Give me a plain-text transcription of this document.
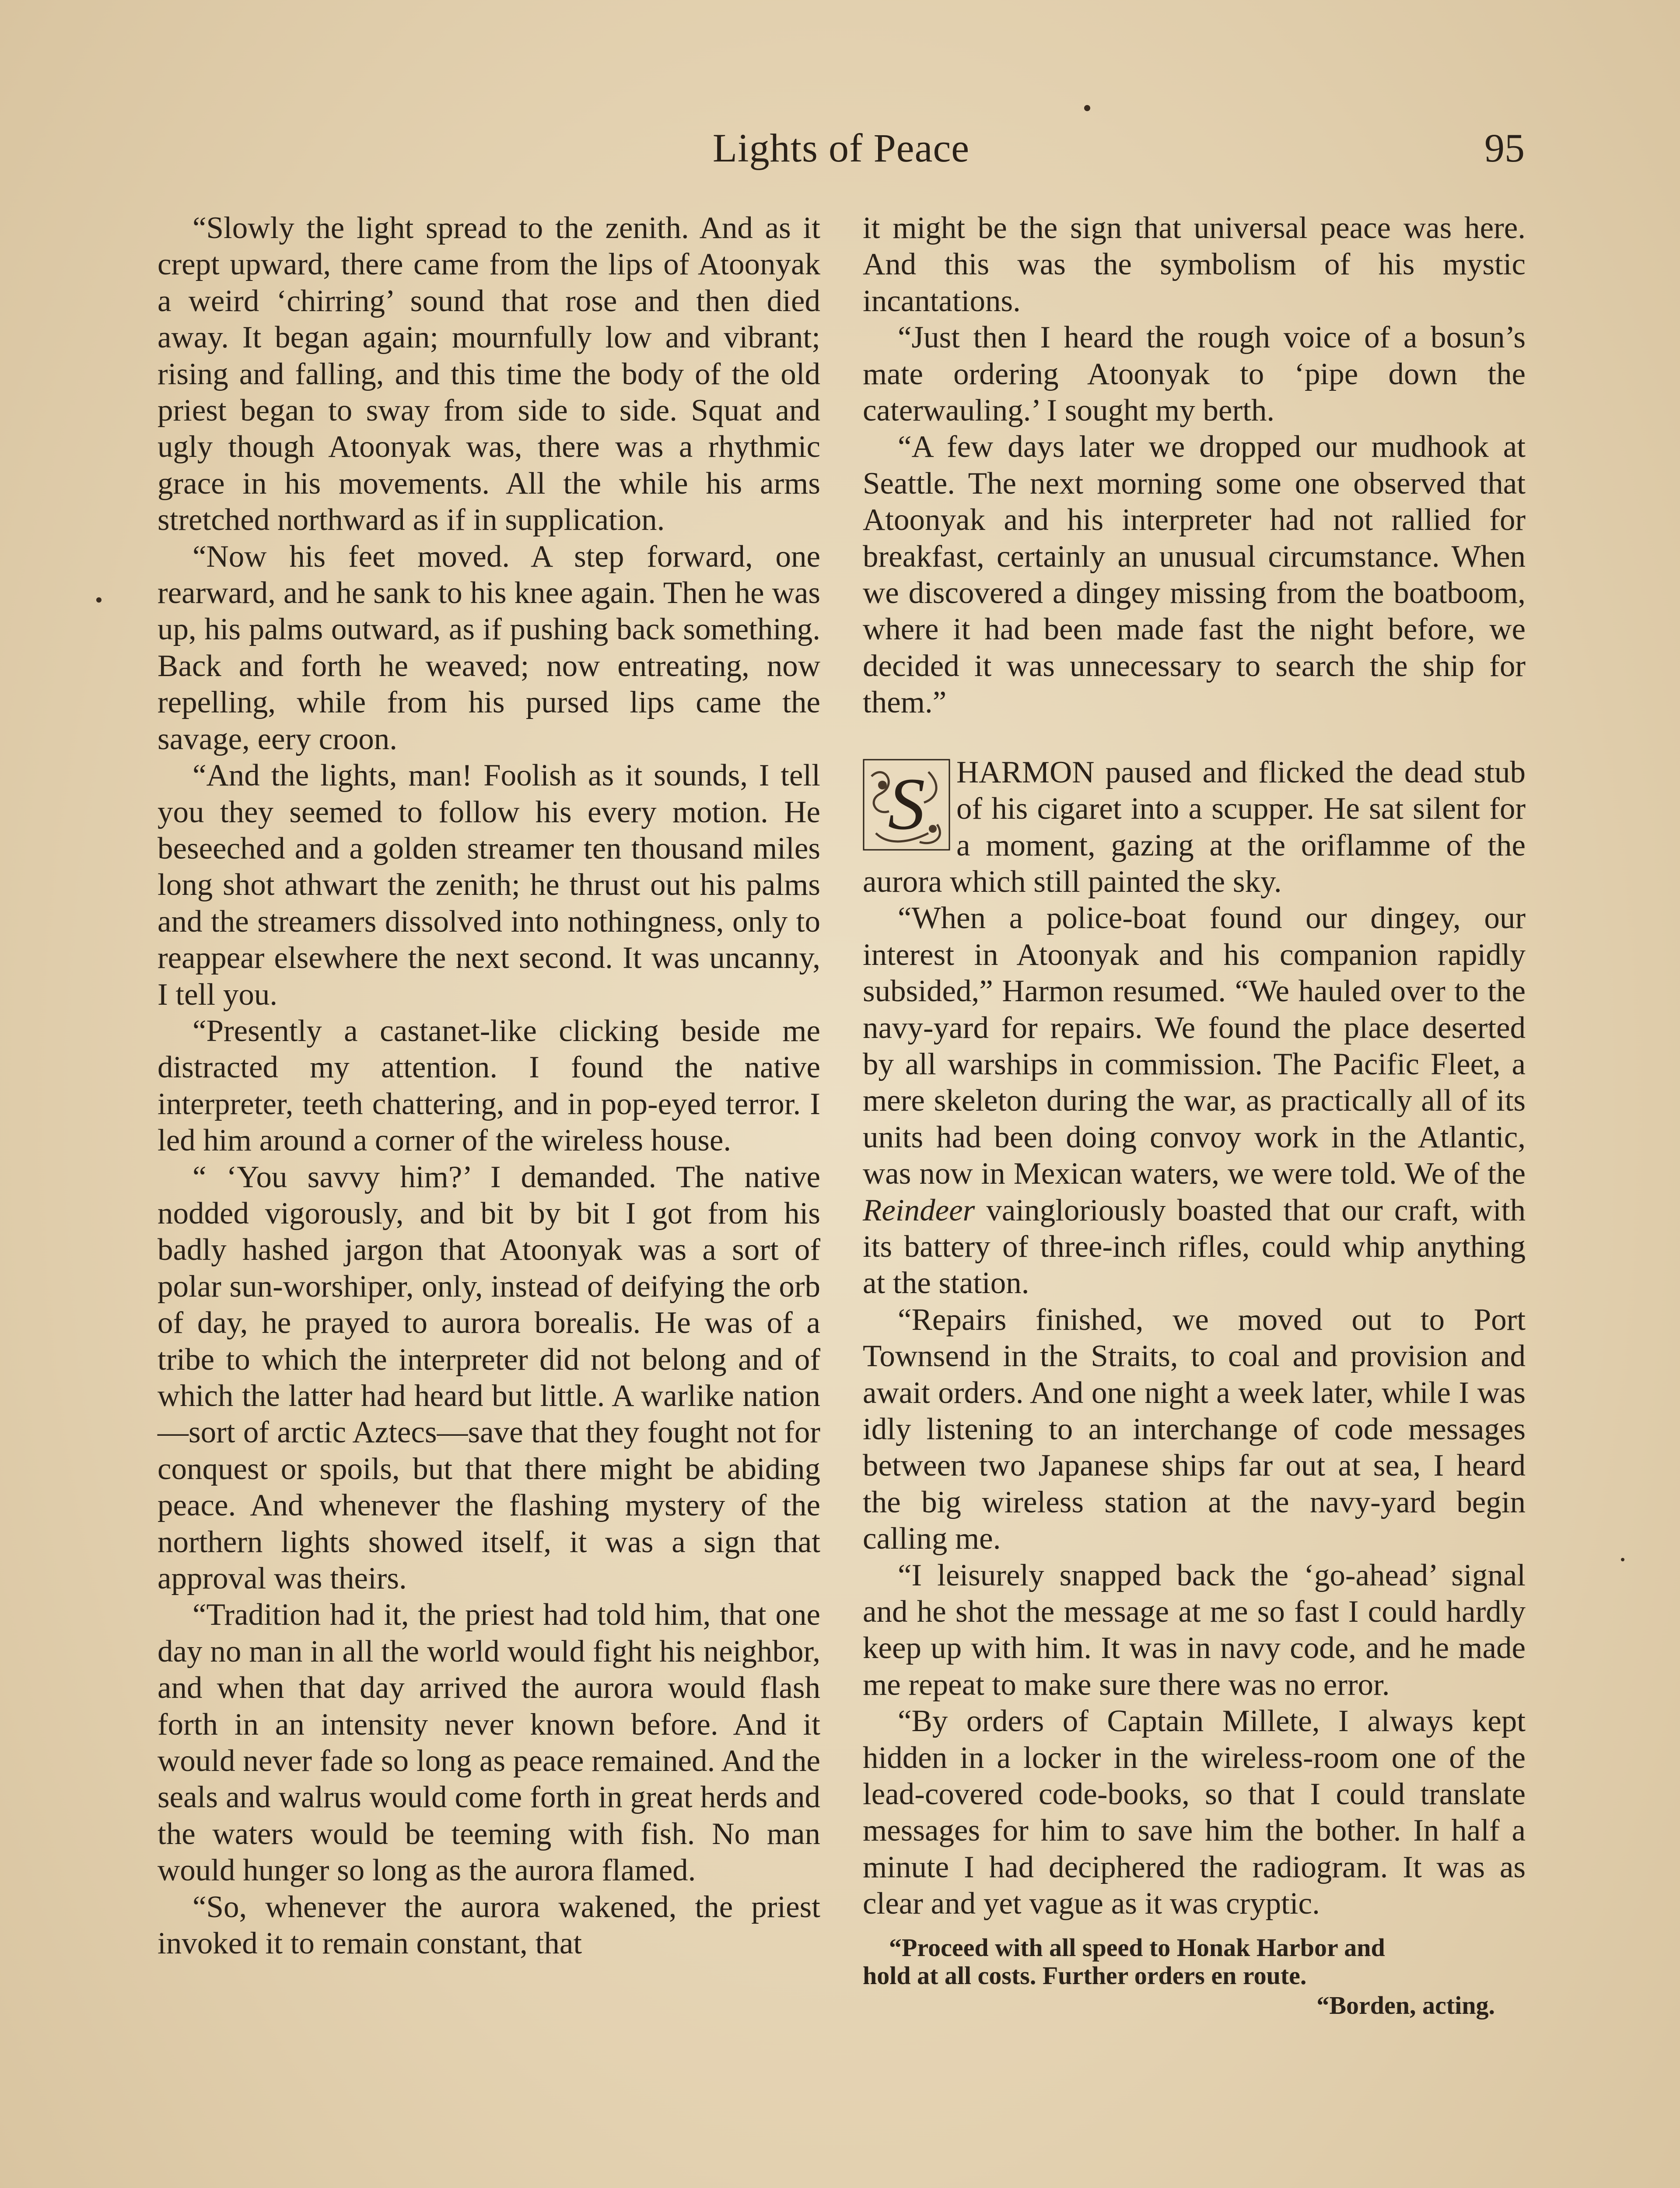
Lights of Peace	95

“Slowly the light spread to the zenith. And as it crept upward, there came from the lips of Atoonyak a weird ‘chirring’ sound that rose and then died away. It began again; mournfully low and vibrant; rising and falling, and this time the body of the old priest began to sway from side to side. Squat and ugly though Atoonyak was, there was a rhythmic grace in his movements. All the while his arms stretched northward as if in supplication.

“Now his feet moved. A step forward, one rearward, and he sank to his knee again. Then he was up, his palms outward, as if pushing back something. Back and forth he weaved; now entreating, now repelling, while from his pursed lips came the savage, eery croon.

“And the lights, man! Foolish as it sounds, I tell you they seemed to follow his every motion. He beseeched and a golden streamer ten thousand miles long shot athwart the zenith; he thrust out his palms and the streamers dissolved into nothingness, only to reappear elsewhere the next second. It was uncanny, I tell you.

“Presently a castanet-like clicking beside me distracted my attention. I found the native interpreter, teeth chattering, and in pop-eyed terror. I led him around a corner of the wireless house.

“ ‘You savvy him?’ I demanded. The native nodded vigorously, and bit by bit I got from his badly hashed jargon that Atoonyak was a sort of polar sun-worshiper, only, instead of deifying the orb of day, he prayed to aurora borealis. He was of a tribe to which the interpreter did not belong and of which the latter had heard but little. A warlike nation—sort of arctic Aztecs—save that they fought not for conquest or spoils, but that there might be abiding peace. And whenever the flashing mystery of the northern lights showed itself, it was a sign that approval was theirs.

“Tradition had it, the priest had told him, that one day no man in all the world would fight his neighbor, and when that day arrived the aurora would flash forth in an intensity never known before. And it would never fade so long as peace remained. And the seals and walrus would come forth in great herds and the waters would be teeming with fish. No man would hunger so long as the aurora flamed.

“So, whenever the aurora wakened, the priest invoked it to remain constant, that

it might be the sign that universal peace was here. And this was the symbolism of his mystic incantations.

“Just then I heard the rough voice of a bosun’s mate ordering Atoonyak to ‘pipe down the caterwauling.’ I sought my berth.

“A few days later we dropped our mudhook at Seattle. The next morning some one observed that Atoonyak and his interpreter had not rallied for breakfast, certainly an unusual circumstance. When we discovered a dingey missing from the boatboom, where it had been made fast the night before, we decided it was unnecessary to search the ship for them.”

S HARMON paused and flicked the dead stub of his cigaret into a scupper. He sat silent for a moment, gazing at the oriflamme of the aurora which still painted the sky.

“When a police-boat found our dingey, our interest in Atoonyak and his companion rapidly subsided,” Harmon resumed. “We hauled over to the navy-yard for repairs. We found the place deserted by all warships in commission. The Pacific Fleet, a mere skeleton during the war, as practically all of its units had been doing convoy work in the Atlantic, was now in Mexican waters, we were told. We of the Reindeer vaingloriously boasted that our craft, with its battery of three-inch rifles, could whip anything at the station.

“Repairs finished, we moved out to Port Townsend in the Straits, to coal and provision and await orders. And one night a week later, while I was idly listening to an interchange of code messages between two Japanese ships far out at sea, I heard the big wireless station at the navy-yard begin calling me.

“I leisurely snapped back the ‘go-ahead’ signal and he shot the message at me so fast I could hardly keep up with him. It was in navy code, and he made me repeat to make sure there was no error.

“By orders of Captain Millete, I always kept hidden in a locker in the wireless-room one of the lead-covered code-books, so that I could translate messages for him to save him the bother. In half a minute I had deciphered the radiogram. It was as clear and yet vague as it was cryptic.

“Proceed with all speed to Honak Harbor and
hold at all costs. Further orders en route.
“Borden, acting.
